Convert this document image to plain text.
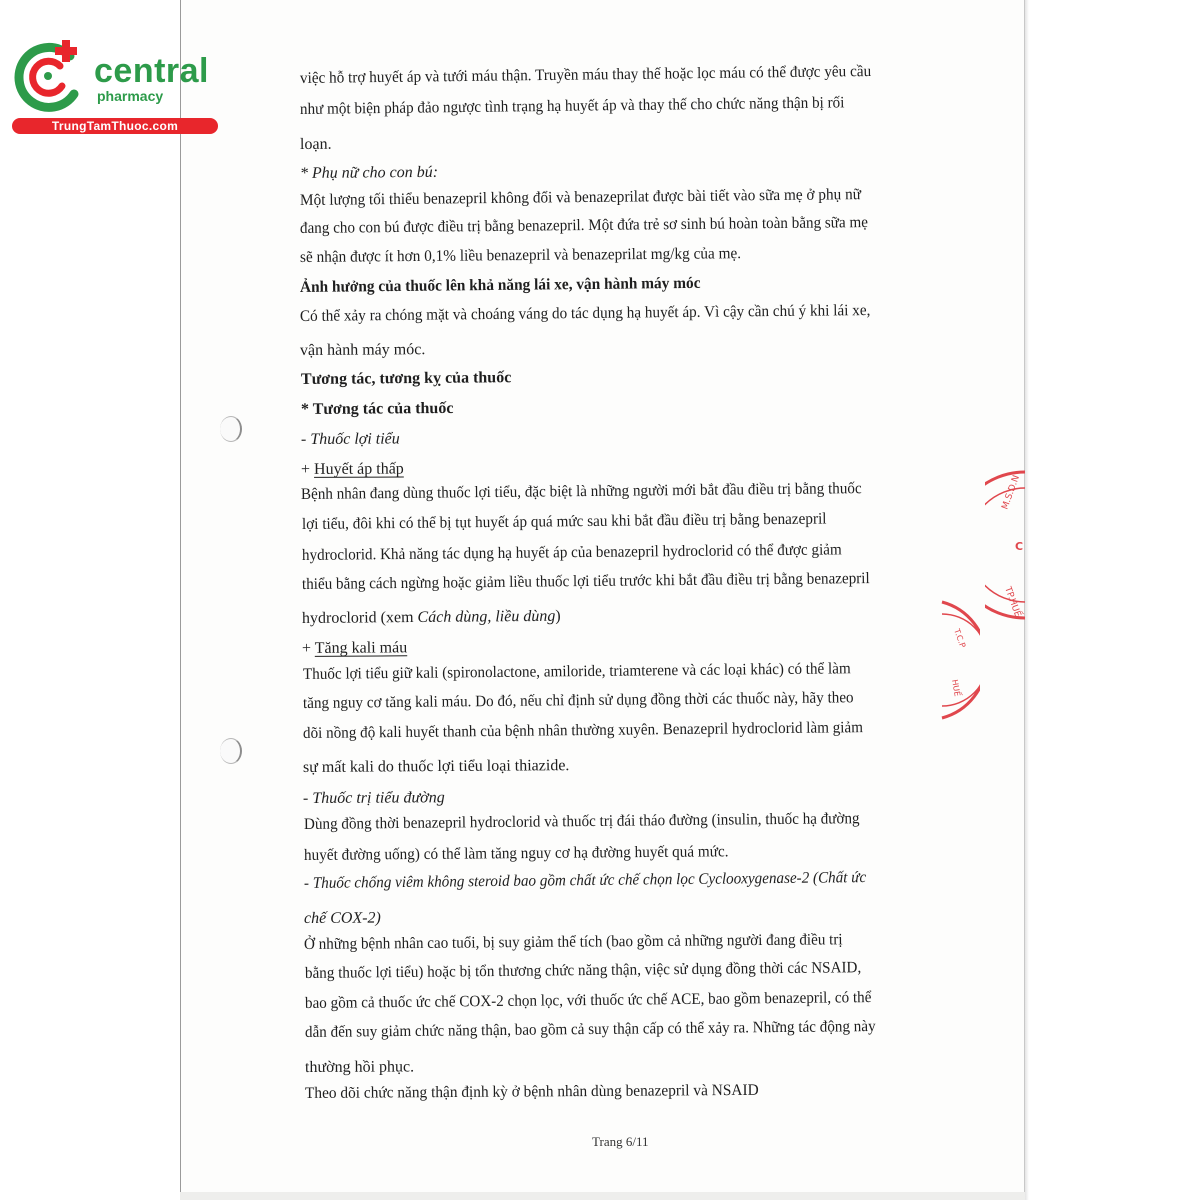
central
pharmacy
TrungTamThuoc.com

việc hỗ trợ huyết áp và tưới máu thận. Truyền máu thay thế hoặc lọc máu có thể được yêu cầu

như một biện pháp đảo ngược tình trạng hạ huyết áp và thay thế cho chức năng thận bị rối

loạn.

* Phụ nữ cho con bú:

Một lượng tối thiểu benazepril không đổi và benazeprilat được bài tiết vào sữa mẹ ở phụ nữ

đang cho con bú được điều trị bằng benazepril. Một đứa trẻ sơ sinh bú hoàn toàn bằng sữa mẹ

sẽ nhận được ít hơn 0,1% liều benazepril và benazeprilat mg/kg của mẹ.

Ảnh hưởng của thuốc lên khả năng lái xe, vận hành máy móc

Có thể xảy ra chóng mặt và choáng váng do tác dụng hạ huyết áp. Vì cậy cần chú ý khi lái xe,

vận hành máy móc.

Tương tác, tương kỵ của thuốc

* Tương tác của thuốc

- Thuốc lợi tiểu

+ Huyết áp thấp

Bệnh nhân đang dùng thuốc lợi tiểu, đặc biệt là những người mới bắt đầu điều trị bằng thuốc

lợi tiểu, đôi khi có thể bị tụt huyết áp quá mức sau khi bắt đầu điều trị bằng benazepril

hydroclorid. Khả năng tác dụng hạ huyết áp của benazepril hydroclorid có thể được giảm

thiểu bằng cách ngừng hoặc giảm liều thuốc lợi tiểu trước khi bắt đầu điều trị bằng benazepril

hydroclorid (xem Cách dùng, liều dùng)

+ Tăng kali máu

Thuốc lợi tiểu giữ kali (spironolactone, amiloride, triamterene và các loại khác) có thể làm

tăng nguy cơ tăng kali máu. Do đó, nếu chỉ định sử dụng đồng thời các thuốc này, hãy theo

dõi nồng độ kali huyết thanh của bệnh nhân thường xuyên. Benazepril hydroclorid làm giảm

sự mất kali do thuốc lợi tiểu loại thiazide.

- Thuốc trị tiểu đường

Dùng đồng thời benazepril hydroclorid và thuốc trị đái tháo đường (insulin, thuốc hạ đường

huyết đường uống) có thể làm tăng nguy cơ hạ đường huyết quá mức.

- Thuốc chống viêm không steroid bao gồm chất ức chế chọn lọc Cyclooxygenase-2 (Chất ức

chế COX-2)

Ở những bệnh nhân cao tuổi, bị suy giảm thể tích (bao gồm cả những người đang điều trị

bằng thuốc lợi tiểu) hoặc bị tổn thương chức năng thận, việc sử dụng đồng thời các NSAID,

bao gồm cả thuốc ức chế COX-2 chọn lọc, với thuốc ức chế ACE, bao gồm benazepril, có thể

dẫn đến suy giảm chức năng thận, bao gồm cả suy thận cấp có thể xảy ra. Những tác động này

thường hồi phục.

Theo dõi chức năng thận định kỳ ở bệnh nhân dùng benazepril và NSAID

Trang 6/11

M.S.D.N
TP.HUẾ
C
T.C.P
HUẾ
